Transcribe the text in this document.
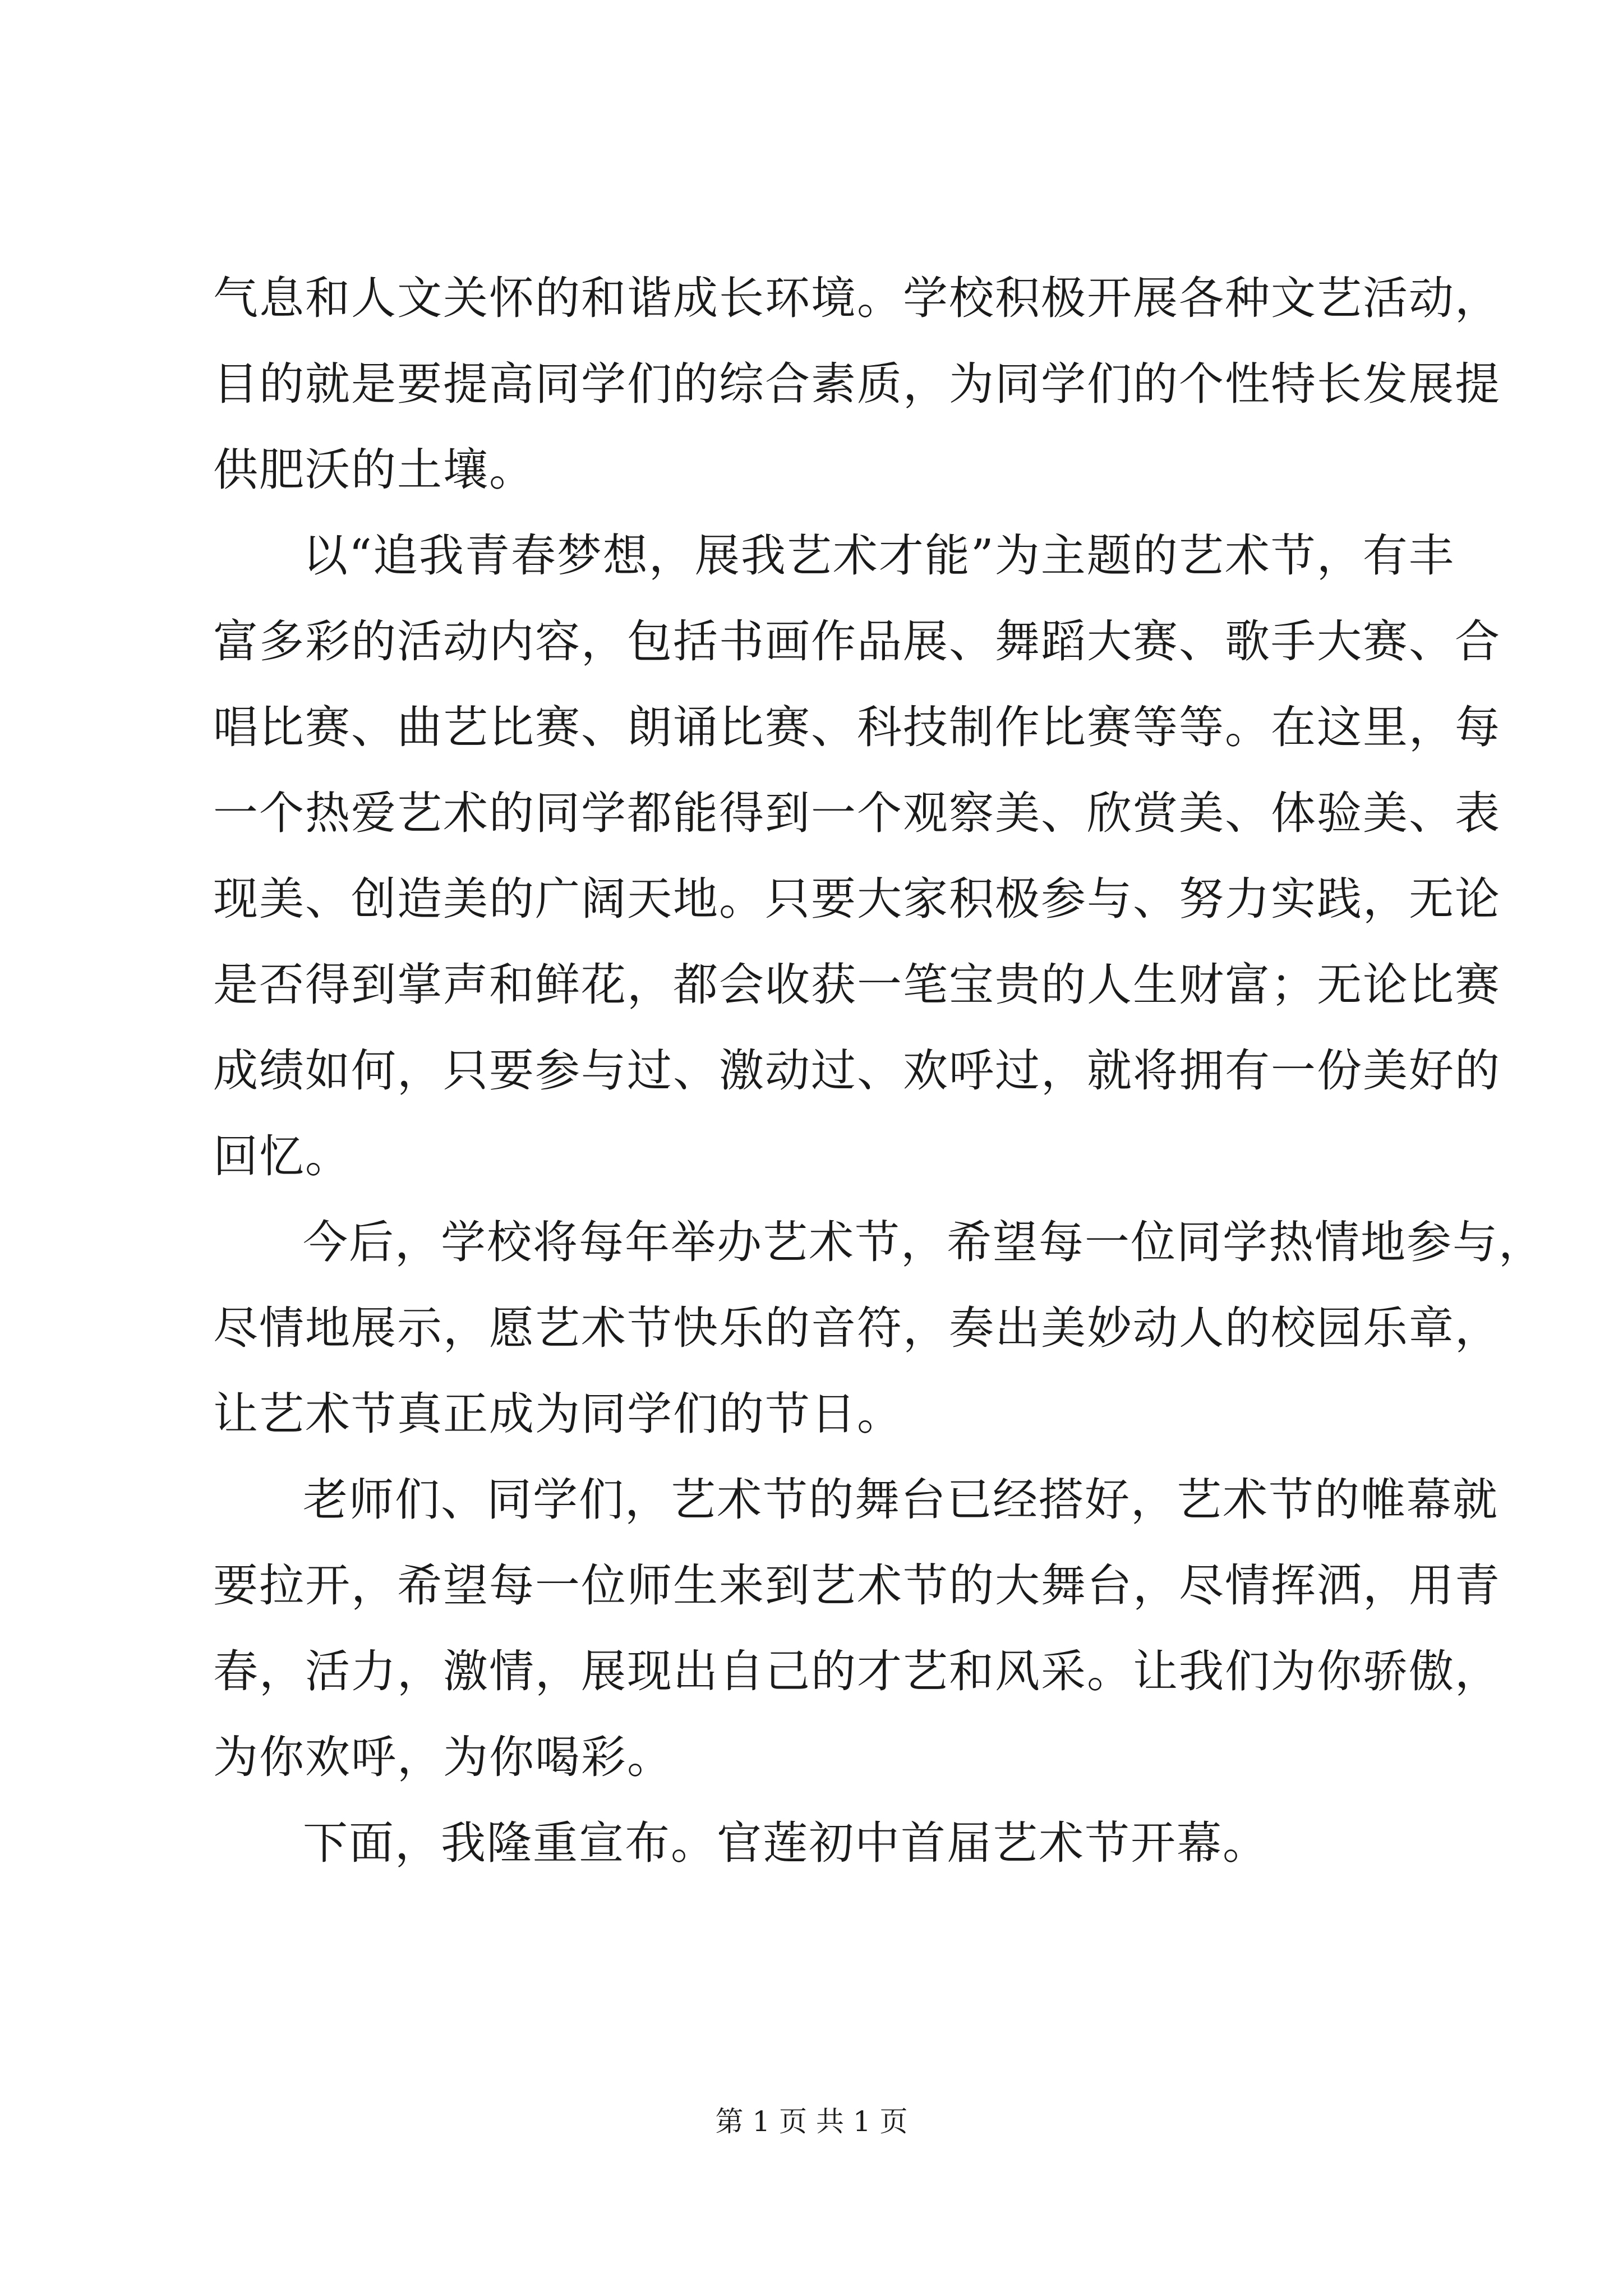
气息和人文关怀的和谐成长环境。学校积极开展各种文艺活动，
目的就是要提高同学们的综合素质，为同学们的个性特长发展提
供肥沃的土壤。
以“追我青春梦想，展我艺术才能”为主题的艺术节，有丰
富多彩的活动内容，包括书画作品展、舞蹈大赛、歌手大赛、合
唱比赛、曲艺比赛、朗诵比赛、科技制作比赛等等。在这里，每
一个热爱艺术的同学都能得到一个观察美、欣赏美、体验美、表
现美、创造美的广阔天地。只要大家积极参与、努力实践，无论
是否得到掌声和鲜花，都会收获一笔宝贵的人生财富；无论比赛
成绩如何，只要参与过、激动过、欢呼过，就将拥有一份美好的
回忆。
今后，学校将每年举办艺术节，希望每一位同学热情地参与，
尽情地展示，愿艺术节快乐的音符，奏出美妙动人的校园乐章，
让艺术节真正成为同学们的节日。
老师们、同学们，艺术节的舞台已经搭好，艺术节的帷幕就
要拉开，希望每一位师生来到艺术节的大舞台，尽情挥洒，用青
春，活力，激情，展现出自己的才艺和风采。让我们为你骄傲，
为你欢呼，为你喝彩。
下面，我隆重宣布。官莲初中首届艺术节开幕。
第 1 页 共 1 页
